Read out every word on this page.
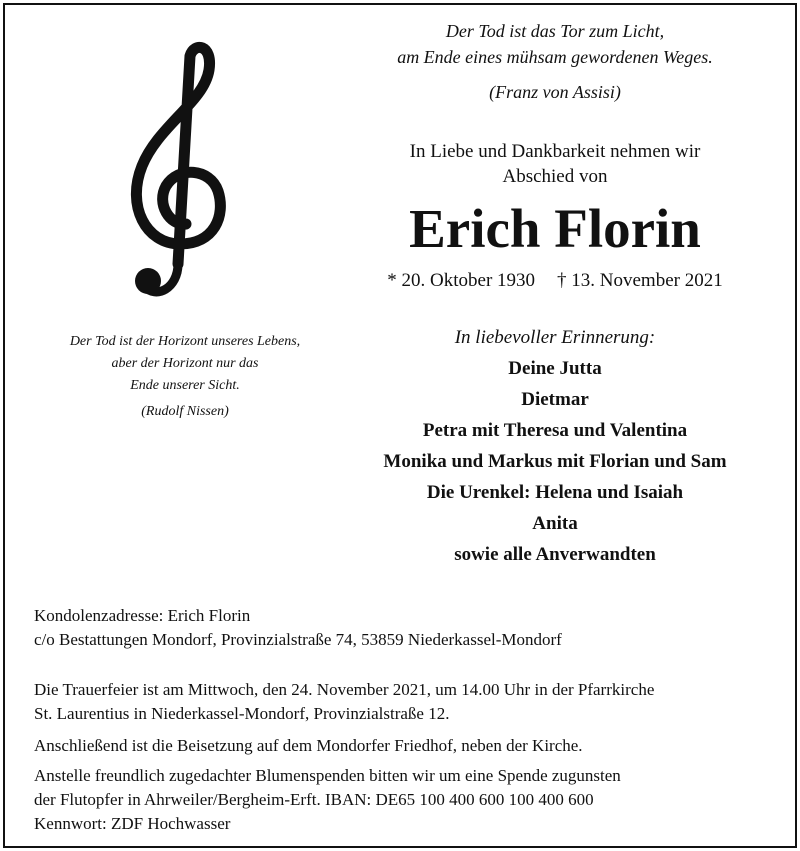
Der Tod ist das Tor zum Licht,
am Ende eines mühsam gewordenen Weges.
(Franz von Assisi)
In Liebe und Dankbarkeit nehmen wir
Abschied von
Erich Florin
* 20. Oktober 1930 † 13. November 2021
Der Tod ist der Horizont unseres Lebens,
aber der Horizont nur das
Ende unserer Sicht.
(Rudolf Nissen)
In liebevoller Erinnerung:
Deine Jutta
Dietmar
Petra mit Theresa und Valentina
Monika und Markus mit Florian und Sam
Die Urenkel: Helena und Isaiah
Anita
sowie alle Anverwandten
Kondolenzadresse: Erich Florin
c/o Bestattungen Mondorf, Provinzialstraße 74, 53859 Niederkassel-Mondorf
Die Trauerfeier ist am Mittwoch, den 24. November 2021, um 14.00 Uhr in der Pfarrkirche
St. Laurentius in Niederkassel-Mondorf, Provinzialstraße 12.
Anschließend ist die Beisetzung auf dem Mondorfer Friedhof, neben der Kirche.
Anstelle freundlich zugedachter Blumenspenden bitten wir um eine Spende zugunsten
der Flutopfer in Ahrweiler/Bergheim-Erft. IBAN: DE65 100 400 600 100 400 600
Kennwort: ZDF Hochwasser
